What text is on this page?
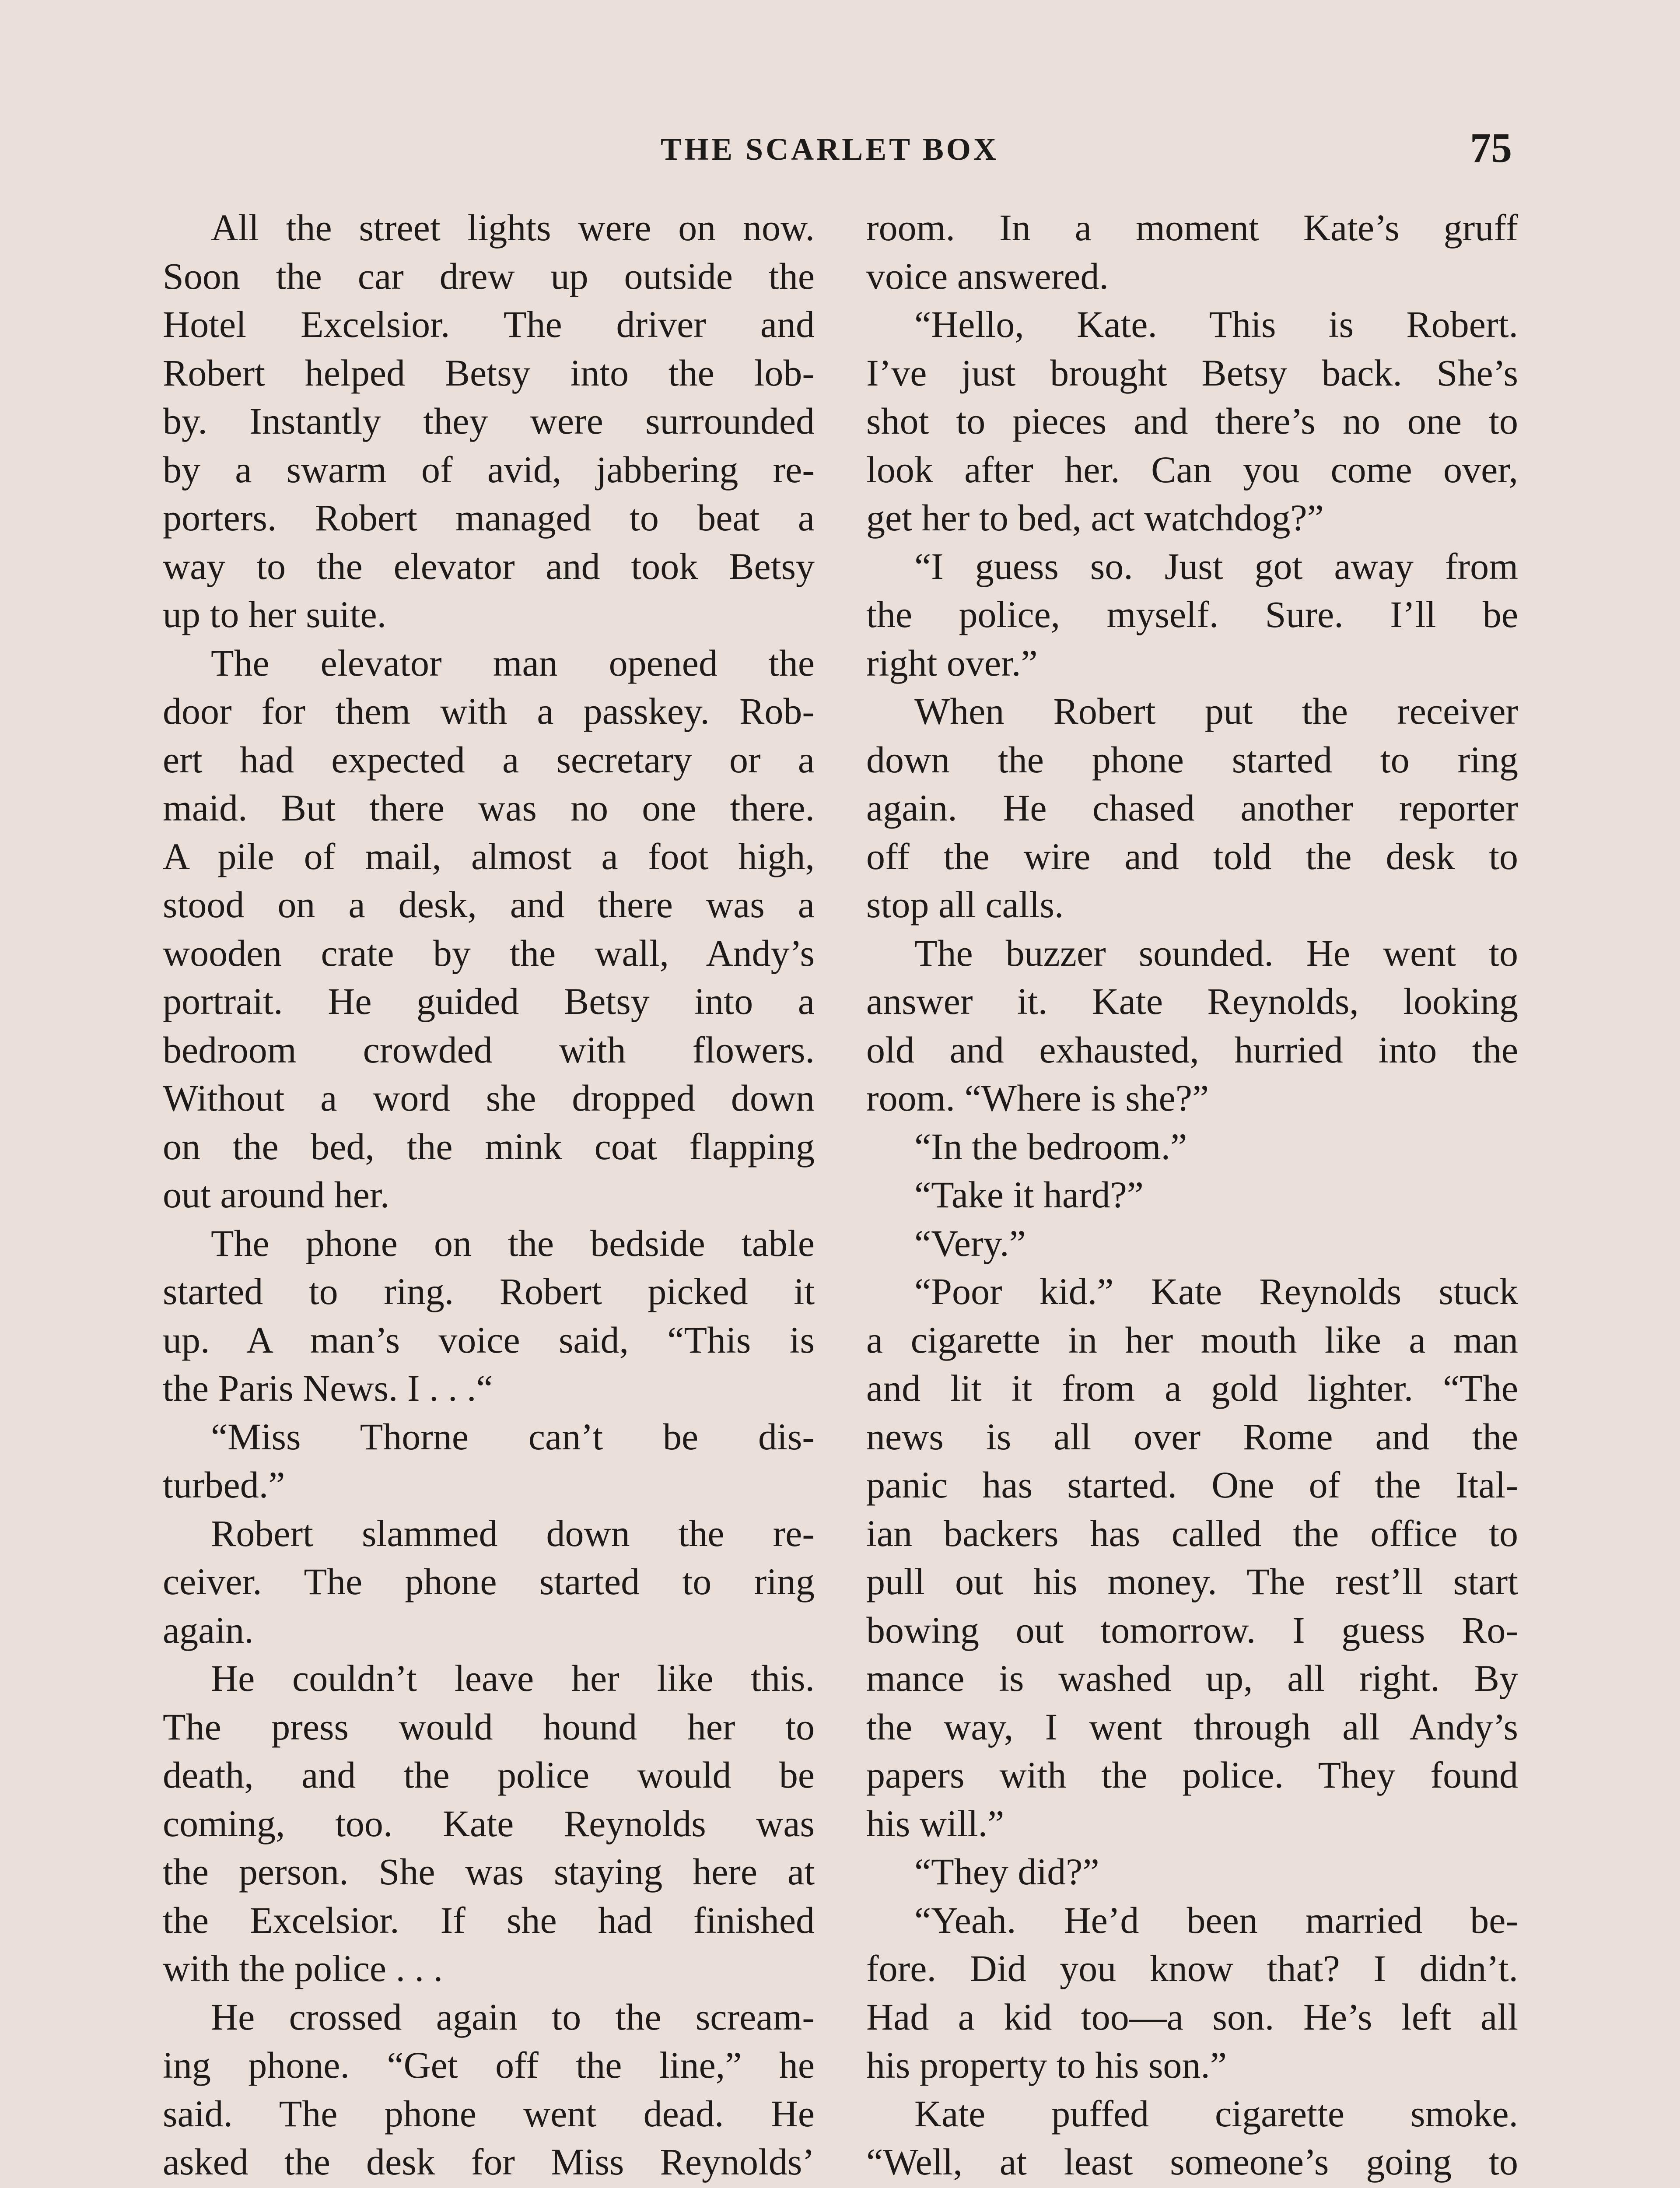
THE SCARLET BOX	75
All the street lights were on now.
Soon the car drew up outside the
Hotel Excelsior. The driver and
Robert helped Betsy into the lob-
by. Instantly they were surrounded
by a swarm of avid, jabbering re-
porters. Robert managed to beat a
way to the elevator and took Betsy
up to her suite.
The elevator man opened the
door for them with a passkey. Rob-
ert had expected a secretary or a
maid. But there was no one there.
A pile of mail, almost a foot high,
stood on a desk, and there was a
wooden crate by the wall, Andy’s
portrait. He guided Betsy into a
bedroom crowded with flowers.
Without a word she dropped down
on the bed, the mink coat flapping
out around her.
The phone on the bedside table
started to ring. Robert picked it
up. A man’s voice said, “This is
the Paris News. I . . .“
“Miss Thorne can’t be dis-
turbed.”
Robert slammed down the re-
ceiver. The phone started to ring
again.
He couldn’t leave her like this.
The press would hound her to
death, and the police would be
coming, too. Kate Reynolds was
the person. She was staying here at
the Excelsior. If she had finished
with the police . . .
He crossed again to the scream-
ing phone. “Get off the line,” he
said. The phone went dead. He
asked the desk for Miss Reynolds’
room. In a moment Kate’s gruff
voice answered.
“Hello, Kate. This is Robert.
I’ve just brought Betsy back. She’s
shot to pieces and there’s no one to
look after her. Can you come over,
get her to bed, act watchdog?”
“I guess so. Just got away from
the police, myself. Sure. I’ll be
right over.”
When Robert put the receiver
down the phone started to ring
again. He chased another reporter
off the wire and told the desk to
stop all calls.
The buzzer sounded. He went to
answer it. Kate Reynolds, looking
old and exhausted, hurried into the
room. “Where is she?”
“In the bedroom.”
“Take it hard?”
“Very.”
“Poor kid.” Kate Reynolds stuck
a cigarette in her mouth like a man
and lit it from a gold lighter. “The
news is all over Rome and the
panic has started. One of the Ital-
ian backers has called the office to
pull out his money. The rest’ll start
bowing out tomorrow. I guess Ro-
mance is washed up, all right. By
the way, I went through all Andy’s
papers with the police. They found
his will.”
“They did?”
“Yeah. He’d been married be-
fore. Did you know that? I didn’t.
Had a kid too—a son. He’s left all
his property to his son.”
Kate puffed cigarette smoke.
“Well, at least someone’s going to
